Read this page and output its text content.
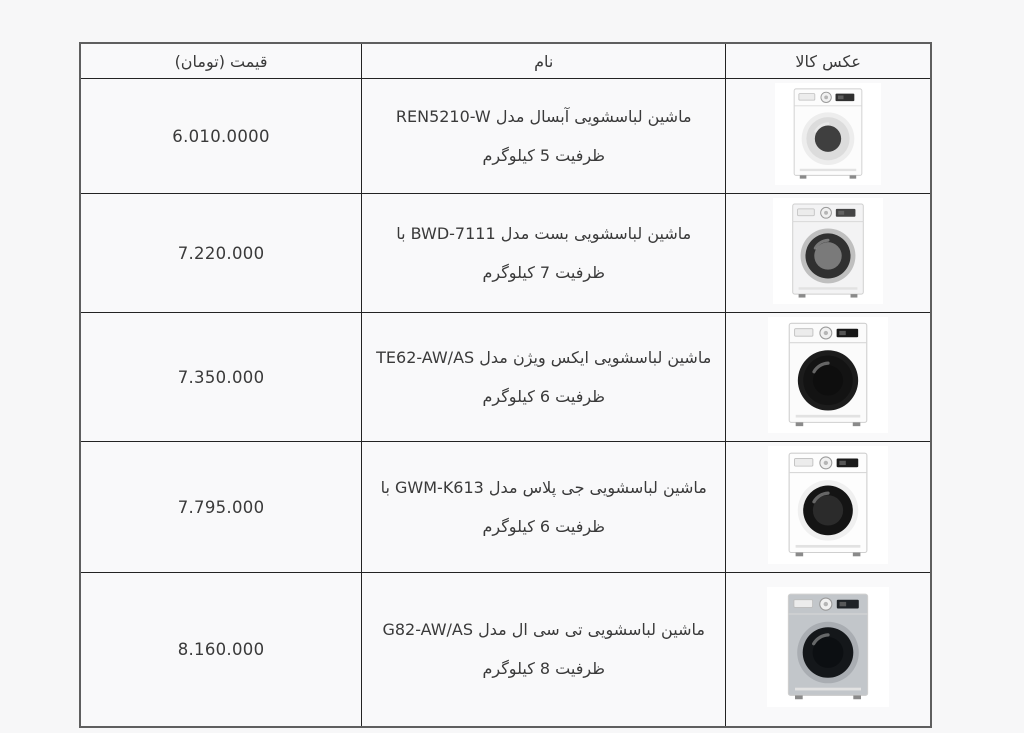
عکس کالا	نام	قیمت (تومان)

	ماشین لباسشویی آبسال مدل REN5210-W ظرفیت 5 کیلوگرم	6.010.0000

	ماشین لباسشویی بست مدل BWD-7111 با ظرفیت 7 کیلوگرم	7.220.000

	ماشین لباسشویی ایکس ویژن مدل TE62-AW/AS ظرفیت 6 کیلوگرم	7.350.000

	ماشین لباسشویی جی پلاس مدل GWM-K613 با ظرفیت 6 کیلوگرم	7.795.000

	ماشین لباسشویی تی سی ال مدل G82-AW/AS ظرفیت 8 کیلوگرم	8.160.000
